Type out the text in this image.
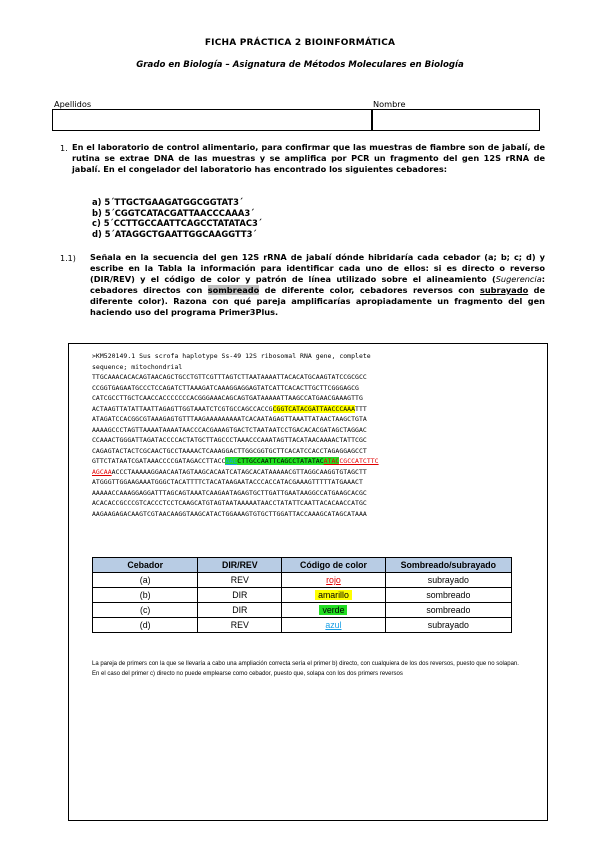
FICHA PRÁCTICA 2 BIOINFORMÁTICA
Grado en Biología – Asignatura de Métodos Moleculares en Biología
Apellidos	Nombre
1. En el laboratorio de control alimentario, para confirmar que las muestras de fiambre son de jabalí, de rutina se extrae DNA de las muestras y se amplifica por PCR un fragmento del gen 12S rRNA de jabalí. En el congelador del laboratorio has encontrado los siguientes cebadores:
a) 5´TTGCTGAAGATGGCGGTAT3´
b) 5´CGGTCATACGATTAACCCAAA3´
c) 5´CCTTGCCAATTCAGCCTATATAC3´
d) 5´ATAGGCTGAATTGGCAAGGTT3´
1.1) Señala en la secuencia del gen 12S rRNA de jabalí dónde hibridaría cada cebador (a; b; c; d) y escribe en la Tabla la información para identificar cada uno de ellos: si es directo o reverso (DIR/REV) y el código de color y patrón de línea utilizado sobre el alineamiento (Sugerencia: cebadores directos con sombreado de diferente color, cebadores reversos con subrayado de diferente color). Razona con qué pareja amplificarías apropiadamente un fragmento del gen haciendo uso del programa Primer3Plus.
>KM520149.1 Sus scrofa haplotype Ss-49 12S ribosomal RNA gene, complete
sequence; mitochondrial
TTGCAAACACACAGTAACAGCTGCCTGTTCGTTTAGTCTTAATAAAATTACACATGCAAGTATCCGCGCC
CCGGTGAGAATGCCCTCCAGATCTTAAAGATCAAAGGAGGAGTATCATTCACACTTGCTTCGGGAGCG
CATCGCCTTGCTCAACCACCCCCCCACGGGAAACAGCAGTGATAAAAATTAAGCCATGAACGAAAGTTG
ACTAAGTTATATTAATTAGAGTTGGTAAATCTCGTGCCAGCCACCGCGGTCATACGATTAACCCAAATTT
ATAGATCCACGGCGTAAAGAGTGTTTAAGAAAAAAAAATCACAATAGAGTTAAATTATAACTAAGCTGTA
AAAAGCCCTAGTTAAAATAAAATAACCCACGAAAGTGACTCTAATAATCCTGACACACGATAGCTAGGAC
CCAAACTGGGATTAGATACCCCACTATGCTTAGCCCTAAACCCAAATAGTTACATAACAAAACTATTCGC
CAGAGTACTACTCGCAACTGCCTAAAACTCAAAGGACTTGGCGGTGCTTCACATCCACCTAGAGGAGCCT
GTTCTATAATCGATAAACCCCGATAGACCTTACCAACCTTGCCAATTCAGCCTATATACATACCGCCATCTTC
AGCAAACCCTAAAAAGGAACAATAGTAAGCACAATCATAGCACATAAAAACGTTAGGCAAGGTGTAGCTT
ATGGGTTGGAAGAAATGGGCTACATTTTCTACATAAGAATACCCACCATACGAAAGTTTTTATGAAACT
AAAAACCAAAGGAGGATTTAGCAGTAAATCAAGAATAGAGTGCTTGATTGAATAAGGCCATGAAGCACGC
ACACACCGCCCGTCACCCTCCTCAAGCATGTAGTAATAAAAATAACCTATATTCAATTACACAACCATGC
AAGAAGAGACAAGTCGTAACAAGGTAAGCATACTGGAAAGTGTGCTTGGATTACCAAAGCATAGCATAAA
Cebador	DIR/REV	Código de color	Sombreado/subrayado
(a)	REV	rojo	subrayado
(b)	DIR	amarillo	sombreado
(c)	DIR	verde	sombreado
(d)	REV	azul	subrayado
La pareja de primers con la que se llevaría a cabo una ampliación correcta sería el primer b) directo, con cualquiera de los dos reversos, puesto que no solapan.
En el caso del primer c) directo no puede emplearse como cebador, puesto que, solapa con los dos primers reversos
